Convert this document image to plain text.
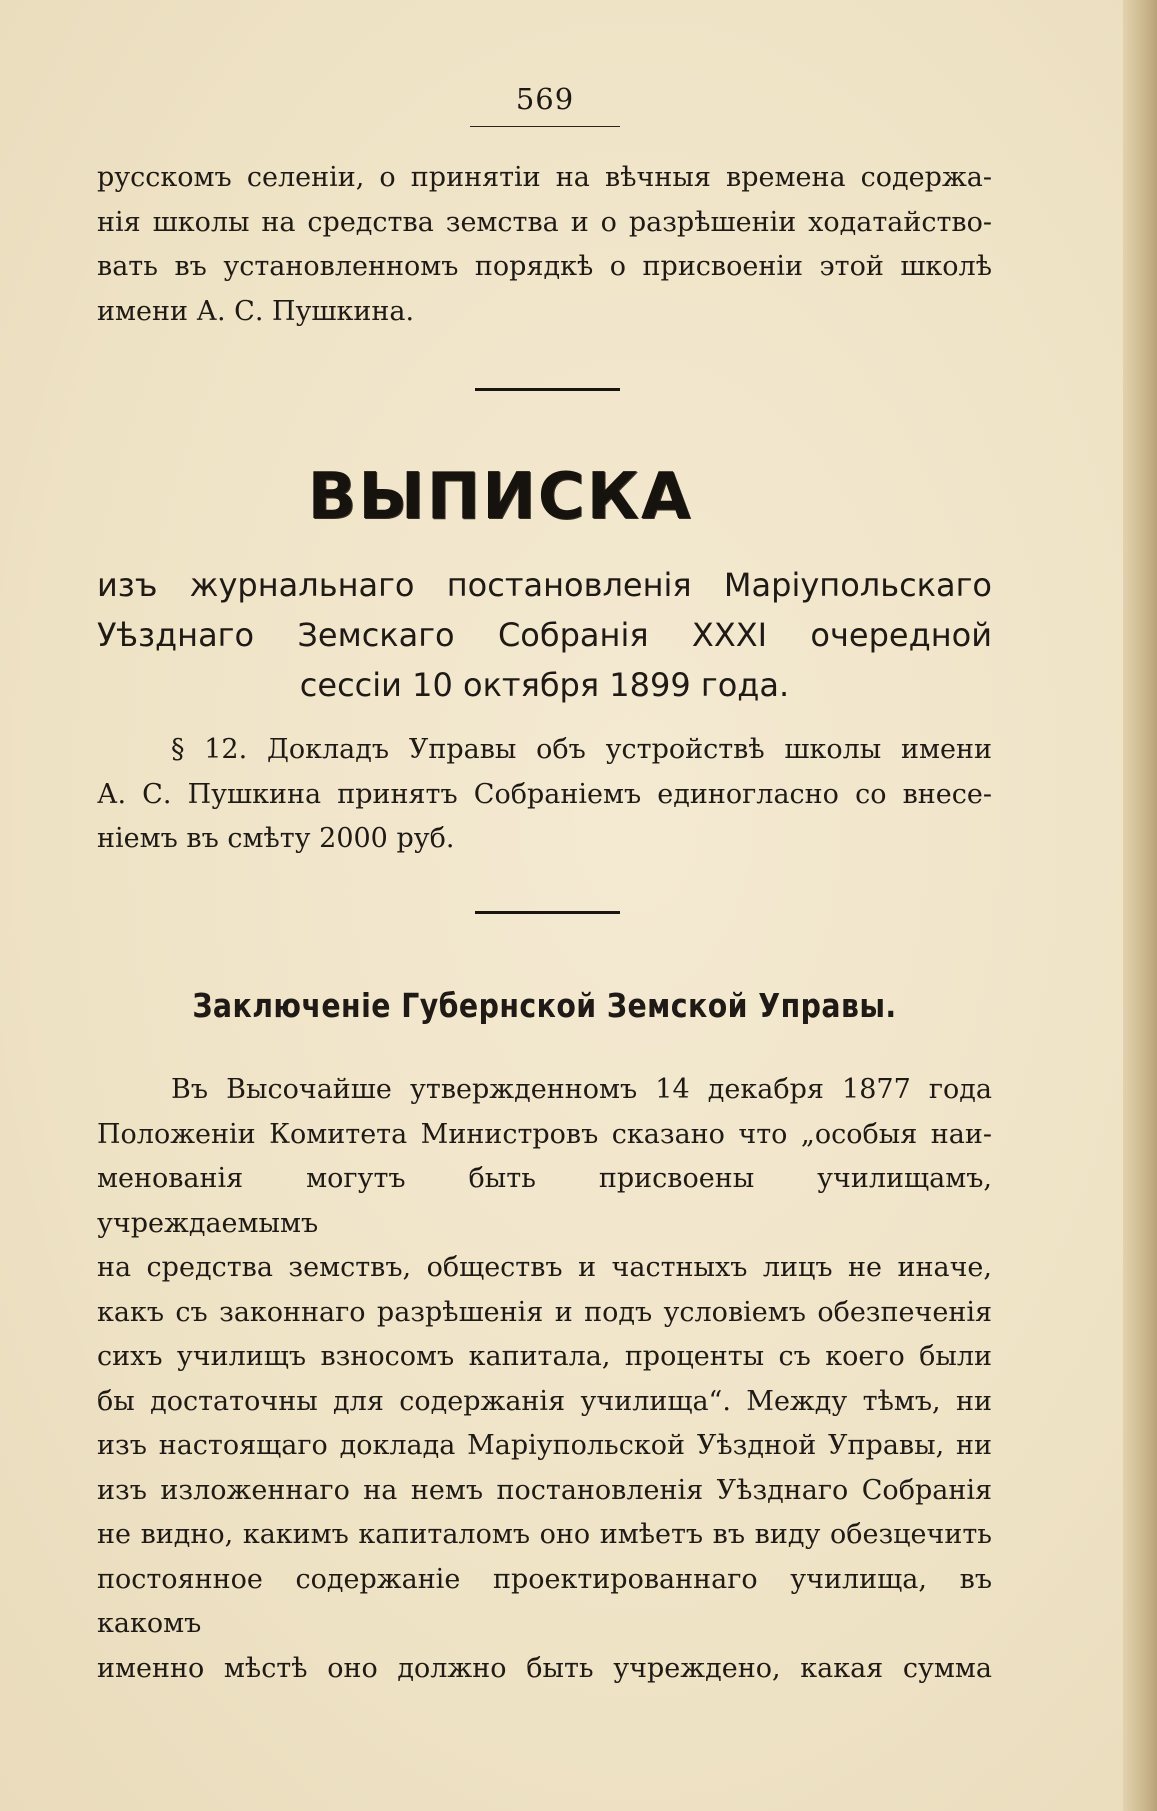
569
русскомъ селеніи, о принятіи на вѣчныя времена содержа-
нія школы на средства земства и о разрѣшеніи ходатайство-
вать въ установленномъ порядкѣ о присвоеніи этой школѣ
имени А. С. Пушкина.
ВЫПИСКА
изъ журнальнаго постановленія Маріупольскаго
Уѣзднаго Земскаго Собранія XXXI очередной
сессіи 10 октября 1899 года.
§ 12. Докладъ Управы объ устройствѣ школы имени
А. С. Пушкина принятъ Собраніемъ единогласно со внесе-
ніемъ въ смѣту 2000 руб.
Заключеніе Губернской Земской Управы.
Въ Высочайше утвержденномъ 14 декабря 1877 года
Положеніи Комитета Министровъ сказано что „особыя наи-
менованія могутъ быть присвоены училищамъ, учреждаемымъ
на средства земствъ, обществъ и частныхъ лицъ не иначе,
какъ съ законнаго разрѣшенія и подъ условіемъ обезпеченія
сихъ училищъ взносомъ капитала, проценты съ коего были
бы достаточны для содержанія училища“. Между тѣмъ, ни
изъ настоящаго доклада Маріупольской Уѣздной Управы, ни
изъ изложеннаго на немъ постановленія Уѣзднаго Собранія
не видно, какимъ капиталомъ оно имѣетъ въ виду обезцечить
постоянное содержаніе проектированнаго училища, въ какомъ
именно мѣстѣ оно должно быть учреждено, какая сумма
